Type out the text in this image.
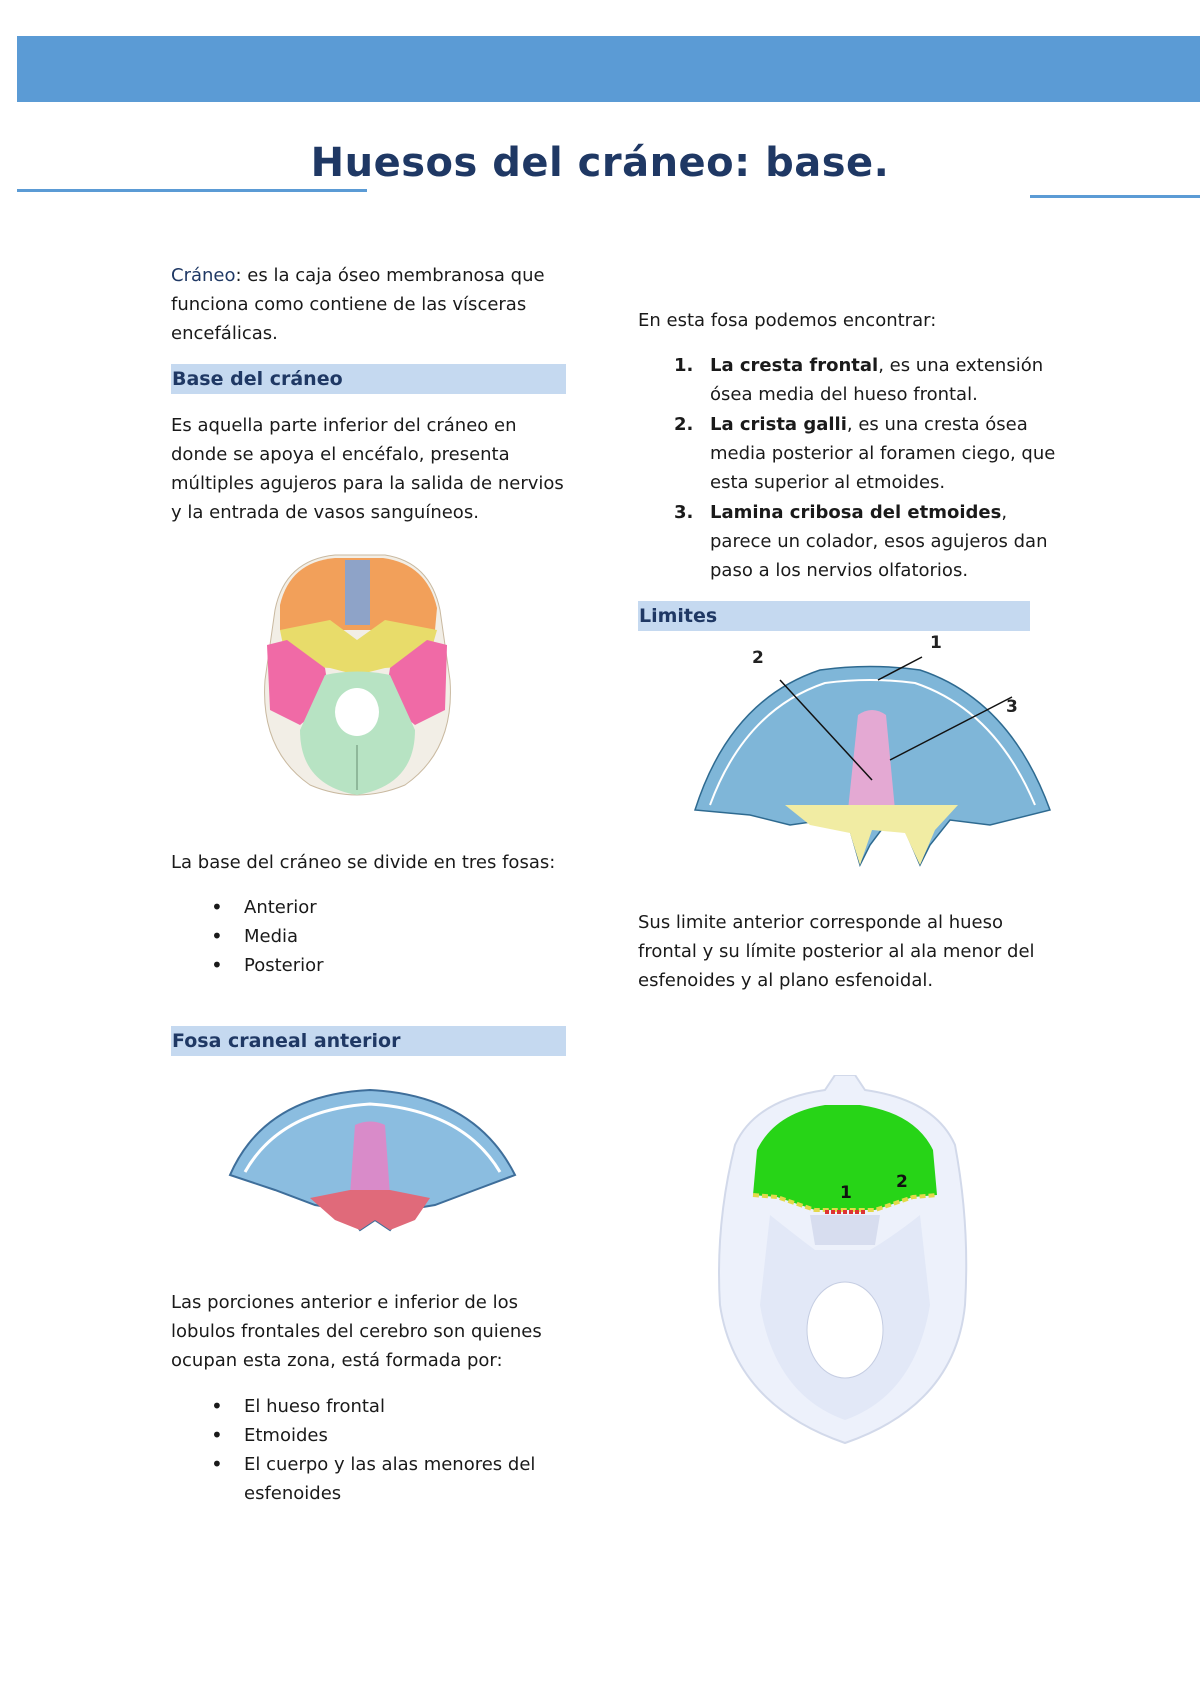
Huesos del cráneo: base.
Cráneo: es la caja óseo membranosa que funciona como contiene de las vísceras encefálicas.
Base del cráneo
Es aquella parte inferior del cráneo en donde se apoya el encéfalo, presenta múltiples agujeros para la salida de nervios y la entrada de vasos sanguíneos.
La base del cráneo se divide en tres fosas:
• Anterior
• Media
• Posterior
Fosa craneal anterior
Las porciones anterior e inferior de los lobulos frontales del cerebro son quienes ocupan esta zona, está formada por:
• El hueso frontal
• Etmoides
• El cuerpo y las alas menores del esfenoides
En esta fosa podemos encontrar:
1. La cresta frontal, es una extensión ósea media del hueso frontal.
2. La crista galli, es una cresta ósea media posterior al foramen ciego, que esta superior al etmoides.
3. Lamina cribosa del etmoides, parece un colador, esos agujeros dan paso a los nervios olfatorios.
Limites
2
1
3
Sus limite anterior corresponde al hueso frontal y su límite posterior al ala menor del esfenoides y al plano esfenoidal.
1
2
